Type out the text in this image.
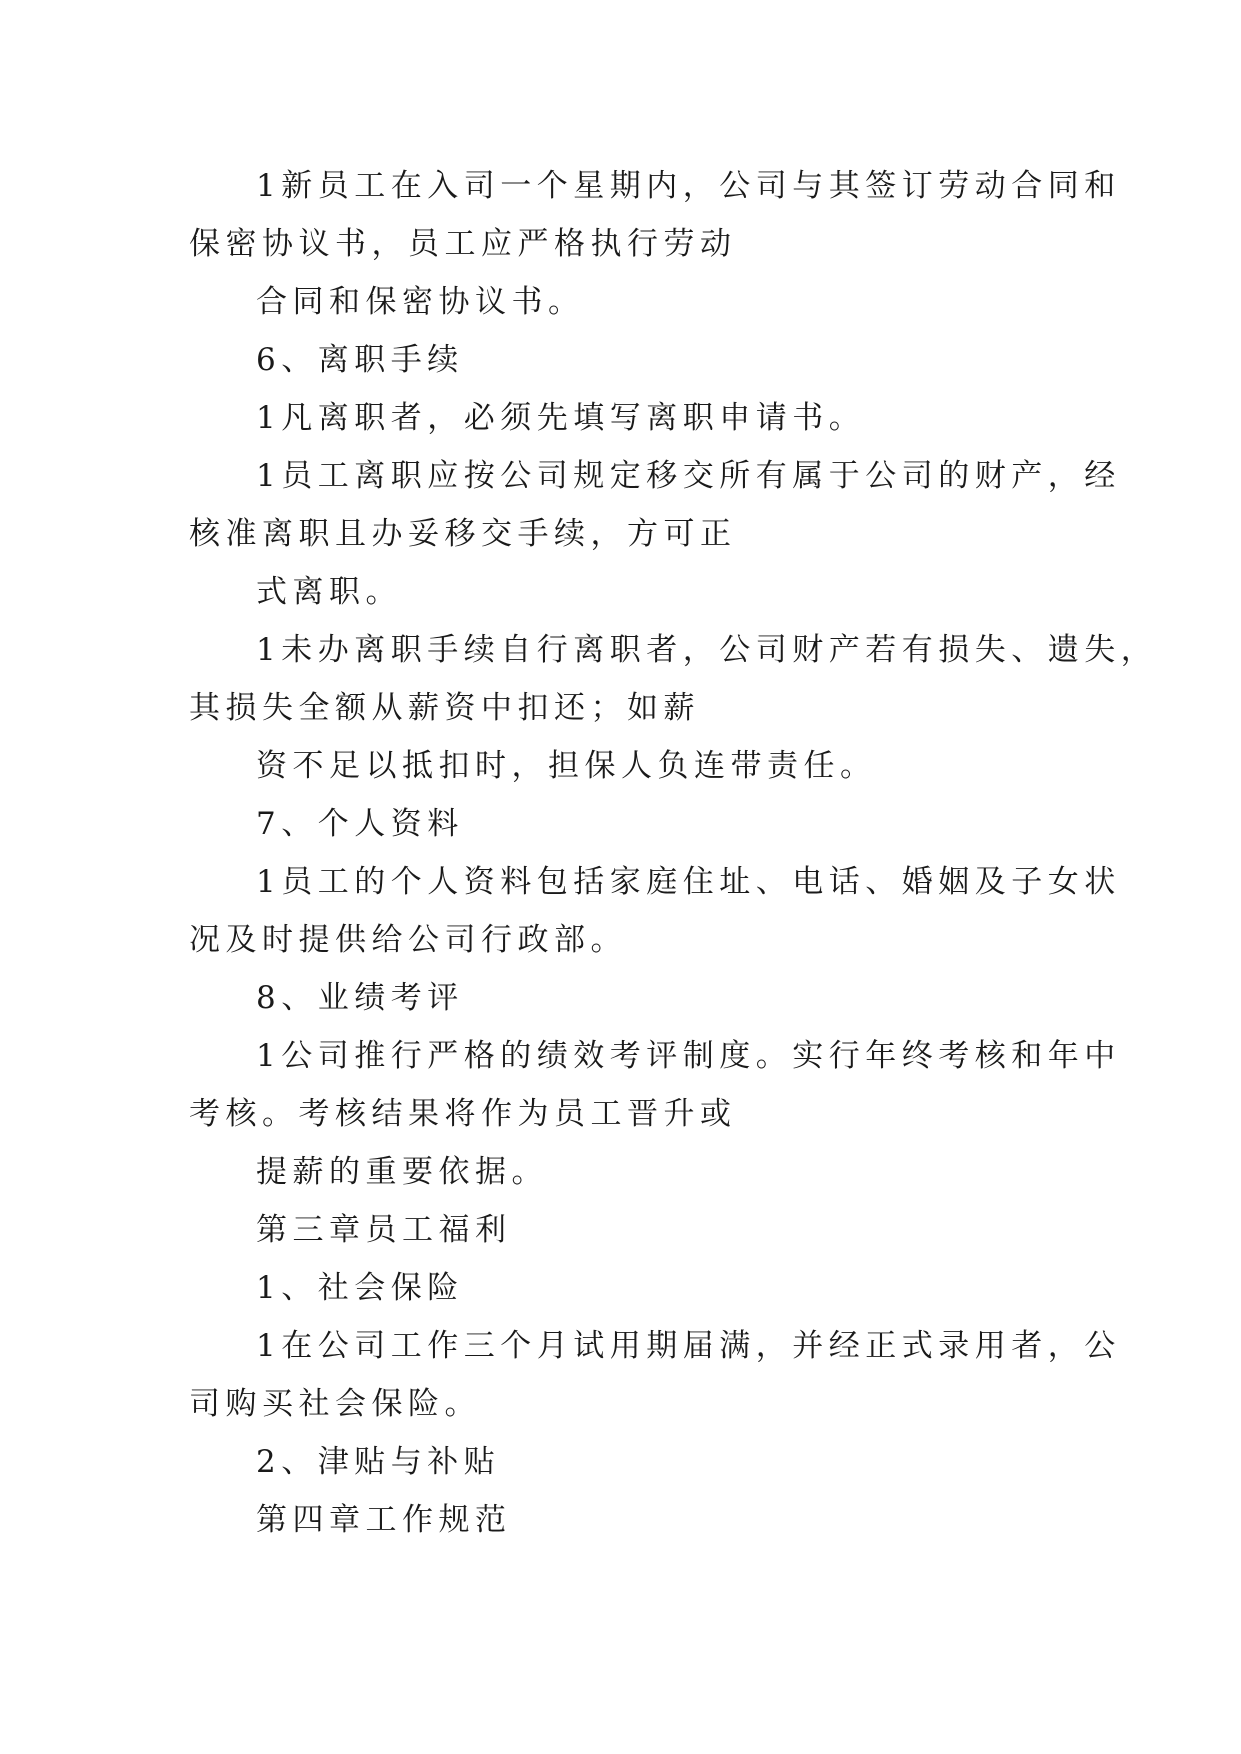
1新员工在入司一个星期内，公司与其签订劳动合同和
保密协议书，员工应严格执行劳动
合同和保密协议书。
6、离职手续
1凡离职者，必须先填写离职申请书。
1员工离职应按公司规定移交所有属于公司的财产，经
核准离职且办妥移交手续，方可正
式离职。
1未办离职手续自行离职者，公司财产若有损失、遗失，
其损失全额从薪资中扣还；如薪
资不足以抵扣时，担保人负连带责任。
7、个人资料
1员工的个人资料包括家庭住址、电话、婚姻及子女状
况及时提供给公司行政部。
8、业绩考评
1公司推行严格的绩效考评制度。实行年终考核和年中
考核。考核结果将作为员工晋升或
提薪的重要依据。
第三章员工福利
1、社会保险
1在公司工作三个月试用期届满，并经正式录用者，公
司购买社会保险。
2、津贴与补贴
第四章工作规范
